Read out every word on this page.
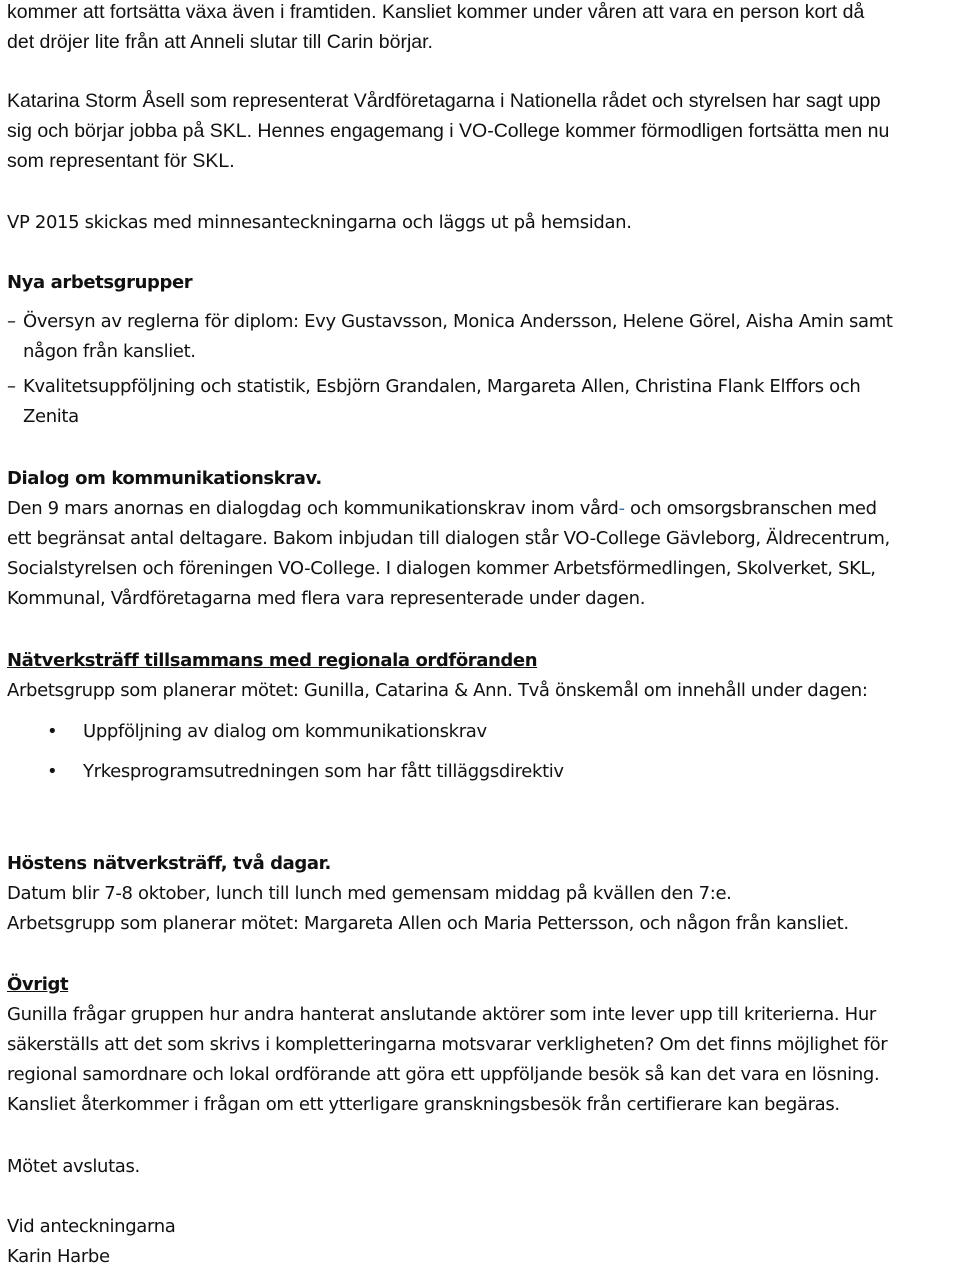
kommer att fortsätta växa även i framtiden. Kansliet kommer under våren att vara en person kort då
det dröjer lite från att Anneli slutar till Carin börjar.
Katarina Storm Åsell som representerat Vårdföretagarna i Nationella rådet och styrelsen har sagt upp
sig och börjar jobba på SKL. Hennes engagemang i VO-College kommer förmodligen fortsätta men nu
som representant för SKL.
VP 2015 skickas med minnesanteckningarna och läggs ut på hemsidan.
Nya arbetsgrupper
– Översyn av reglerna för diplom: Evy Gustavsson, Monica Andersson, Helene Görel, Aisha Amin samt
någon från kansliet.
– Kvalitetsuppföljning och statistik, Esbjörn Grandalen, Margareta Allen, Christina Flank Elffors och
Zenita
Dialog om kommunikationskrav.
Den 9 mars anornas en dialogdag och kommunikationskrav inom vård- och omsorgsbranschen med
ett begränsat antal deltagare. Bakom inbjudan till dialogen står VO-College Gävleborg, Äldrecentrum,
Socialstyrelsen och föreningen VO-College. I dialogen kommer Arbetsförmedlingen, Skolverket, SKL,
Kommunal, Vårdföretagarna med flera vara representerade under dagen.
Nätverksträff tillsammans med regionala ordföranden
Arbetsgrupp som planerar mötet: Gunilla, Catarina & Ann. Två önskemål om innehåll under dagen:
• Uppföljning av dialog om kommunikationskrav
• Yrkesprogramsutredningen som har fått tilläggsdirektiv
Höstens nätverksträff, två dagar.
Datum blir 7-8 oktober, lunch till lunch med gemensam middag på kvällen den 7:e.
Arbetsgrupp som planerar mötet: Margareta Allen och Maria Pettersson, och någon från kansliet.
Övrigt
Gunilla frågar gruppen hur andra hanterat anslutande aktörer som inte lever upp till kriterierna. Hur
säkerställs att det som skrivs i kompletteringarna motsvarar verkligheten? Om det finns möjlighet för
regional samordnare och lokal ordförande att göra ett uppföljande besök så kan det vara en lösning.
Kansliet återkommer i frågan om ett ytterligare granskningsbesök från certifierare kan begäras.
Mötet avslutas.
Vid anteckningarna
Karin Harbe
